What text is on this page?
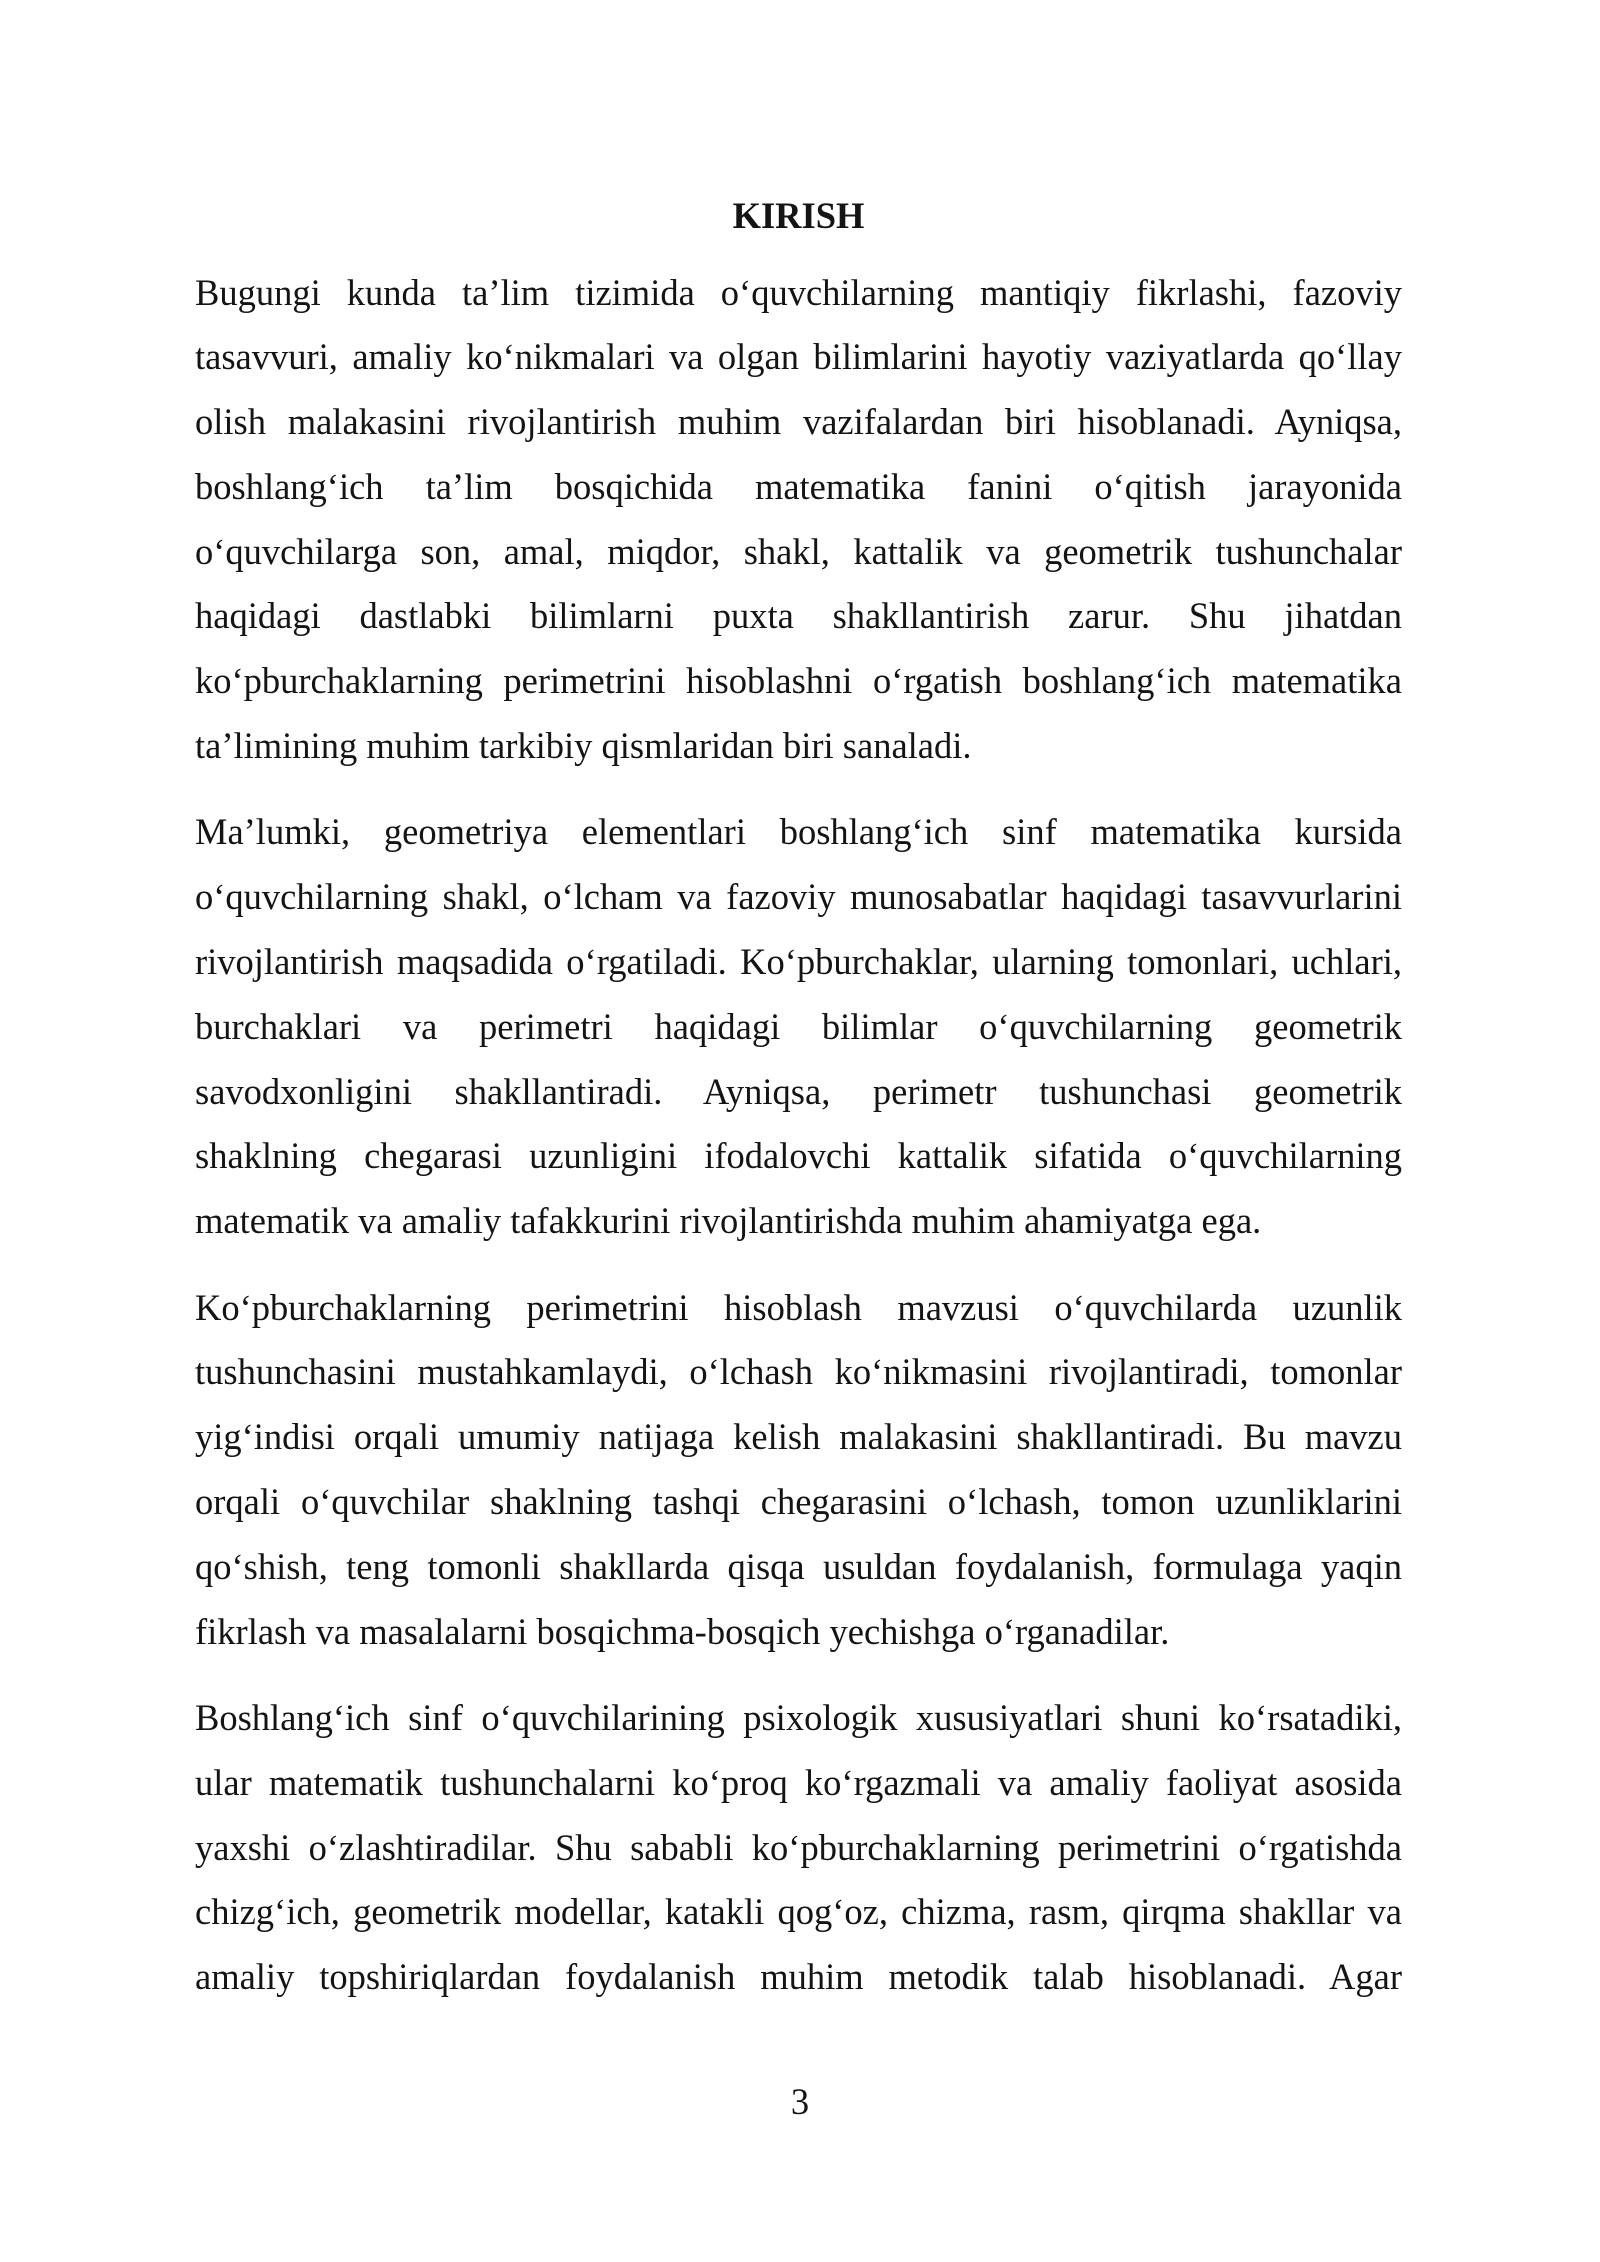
KIRISH
Bugungi kunda ta’lim tizimida o‘quvchilarning mantiqiy fikrlashi, fazoviy
tasavvuri, amaliy ko‘nikmalari va olgan bilimlarini hayotiy vaziyatlarda qo‘llay
olish malakasini rivojlantirish muhim vazifalardan biri hisoblanadi. Ayniqsa,
boshlang‘ich ta’lim bosqichida matematika fanini o‘qitish jarayonida
o‘quvchilarga son, amal, miqdor, shakl, kattalik va geometrik tushunchalar
haqidagi dastlabki bilimlarni puxta shakllantirish zarur. Shu jihatdan
ko‘pburchaklarning perimetrini hisoblashni o‘rgatish boshlang‘ich matematika
ta’limining muhim tarkibiy qismlaridan biri sanaladi.
Ma’lumki, geometriya elementlari boshlang‘ich sinf matematika kursida
o‘quvchilarning shakl, o‘lcham va fazoviy munosabatlar haqidagi tasavvurlarini
rivojlantirish maqsadida o‘rgatiladi. Ko‘pburchaklar, ularning tomonlari, uchlari,
burchaklari va perimetri haqidagi bilimlar o‘quvchilarning geometrik
savodxonligini shakllantiradi. Ayniqsa, perimetr tushunchasi geometrik
shaklning chegarasi uzunligini ifodalovchi kattalik sifatida o‘quvchilarning
matematik va amaliy tafakkurini rivojlantirishda muhim ahamiyatga ega.
Ko‘pburchaklarning perimetrini hisoblash mavzusi o‘quvchilarda uzunlik
tushunchasini mustahkamlaydi, o‘lchash ko‘nikmasini rivojlantiradi, tomonlar
yig‘indisi orqali umumiy natijaga kelish malakasini shakllantiradi. Bu mavzu
orqali o‘quvchilar shaklning tashqi chegarasini o‘lchash, tomon uzunliklarini
qo‘shish, teng tomonli shakllarda qisqa usuldan foydalanish, formulaga yaqin
fikrlash va masalalarni bosqichma-bosqich yechishga o‘rganadilar.
Boshlang‘ich sinf o‘quvchilarining psixologik xususiyatlari shuni ko‘rsatadiki,
ular matematik tushunchalarni ko‘proq ko‘rgazmali va amaliy faoliyat asosida
yaxshi o‘zlashtiradilar. Shu sababli ko‘pburchaklarning perimetrini o‘rgatishda
chizg‘ich, geometrik modellar, katakli qog‘oz, chizma, rasm, qirqma shakllar va
amaliy topshiriqlardan foydalanish muhim metodik talab hisoblanadi. Agar
3
